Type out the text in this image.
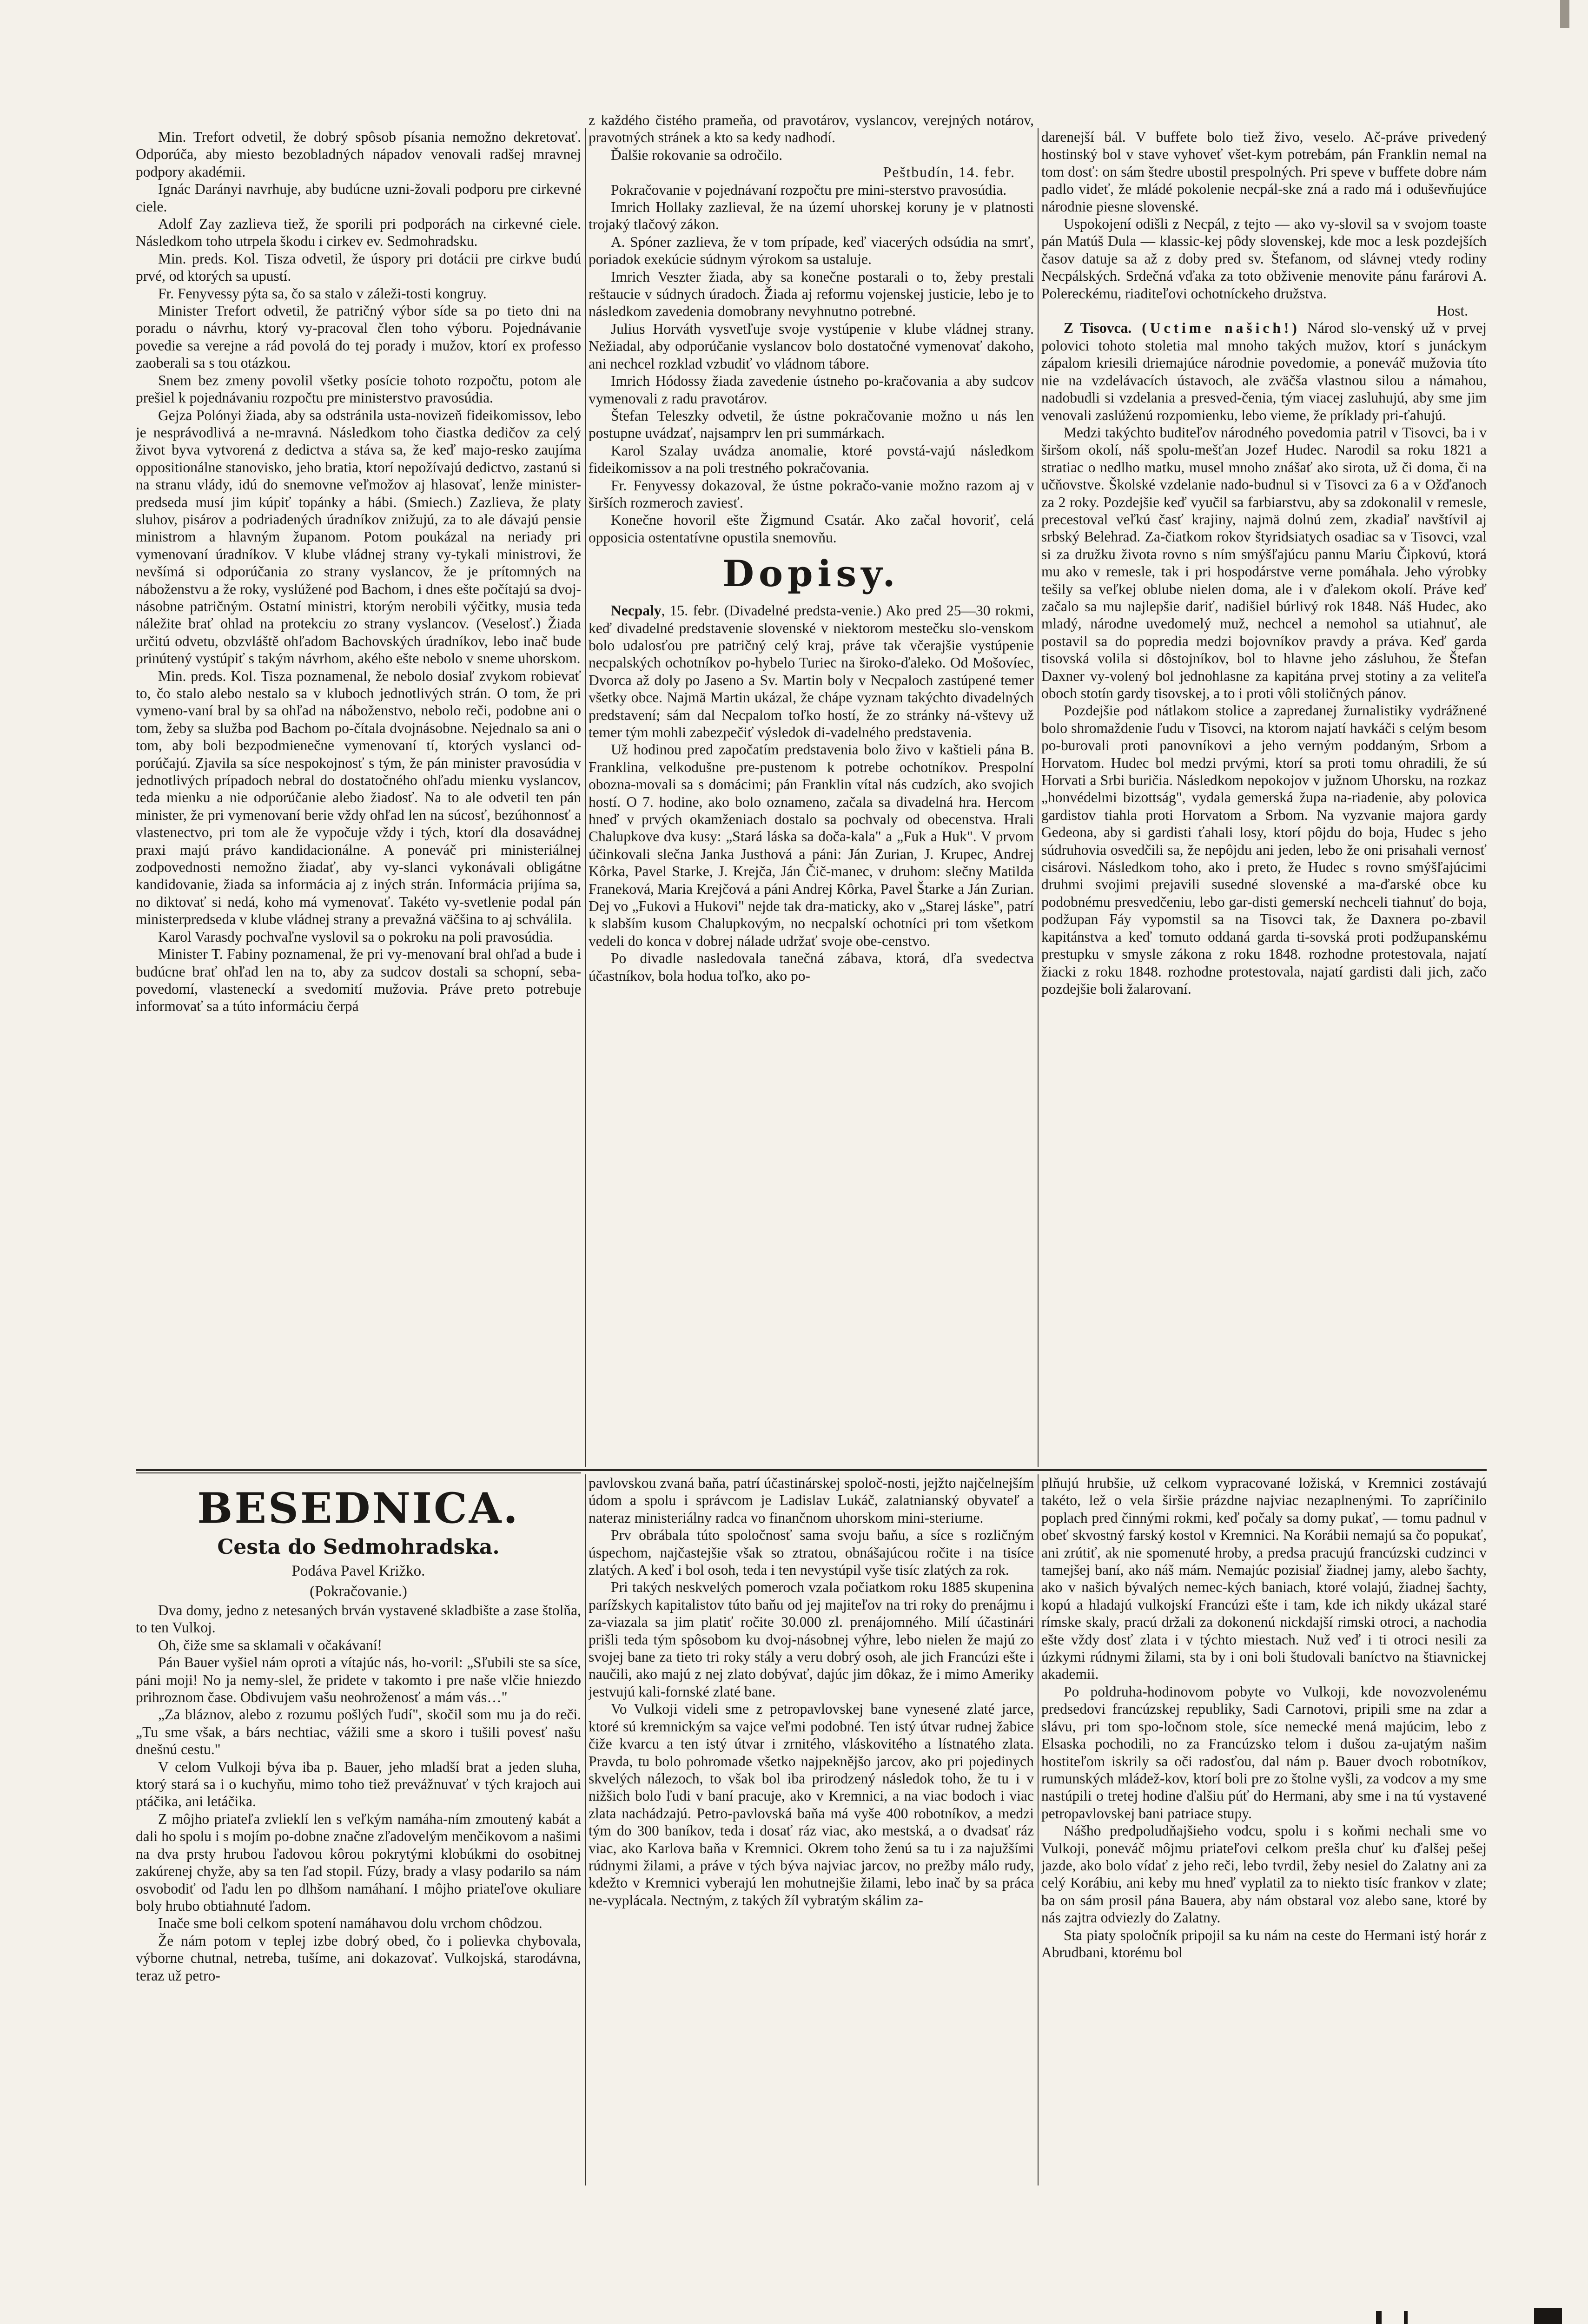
Min. Trefort odvetil, že dobrý spôsob písania nemožno dekretovať. Odporúča, aby miesto bezobladných nápadov venovali radšej mravnej podpory akadémii.

Ignác Darányi navrhuje, aby budúcne uzni-žovali podporu pre cirkevné ciele.

Adolf Zay zazlieva tiež, že sporili pri podporách na cirkevné ciele. Následkom toho utrpela škodu i cirkev ev. Sedmohradsku.

Min. preds. Kol. Tisza odvetil, že úspory pri dotácii pre cirkve budú prvé, od ktorých sa upustí.

Fr. Fenyvessy pýta sa, čo sa stalo v záleži-tosti kongruy.

Minister Trefort odvetil, že patričný výbor síde sa po tieto dni na poradu o návrhu, ktorý vy-pracoval člen toho výboru. Pojednávanie povedie sa verejne a rád povolá do tej porady i mužov, ktorí ex professo zaoberali sa s tou otázkou.

Snem bez zmeny povolil všetky posície tohoto rozpočtu, potom ale prešiel k pojednávaniu rozpočtu pre ministerstvo pravosúdia.

Gejza Polónyi žiada, aby sa odstránila usta-novizeň fideikomissov, lebo je nesprávodlivá a ne-mravná. Následkom toho čiastka dedičov za celý život byva vytvorená z dedictva a stáva sa, že keď majo-resko zaujíma oppositionálne stanovisko, jeho bratia, ktorí nepožívajú dedictvo, zastanú si na stranu vlády, idú do snemovne veľmožov aj hlasovať, lenže minister-predseda musí jim kúpiť topánky a hábi. (Smiech.) Zazlieva, že platy sluhov, pisárov a podriadených úradníkov znižujú, za to ale dávajú pensie ministrom a hlavným županom. Potom poukázal na neriady pri vymenovaní úradníkov. V klube vládnej strany vy-tykali ministrovi, že nevšímá si odporúčania zo strany vyslancov, že je prítomných na náboženstvu a že roky, vyslúžené pod Bachom, i dnes ešte počítajú sa dvoj-násobne patričným. Ostatní ministri, ktorým nerobili výčitky, musia teda náležite brať ohlad na protekciu zo strany vyslancov. (Veselosť.) Žiada určitú odvetu, obzvláště ohľadom Bachovských úradníkov, lebo inač bude prinútený vystúpiť s takým návrhom, akého ešte nebolo v sneme uhorskom.

Min. preds. Kol. Tisza poznamenal, že nebolo dosiaľ zvykom robievať to, čo stalo alebo nestalo sa v kluboch jednotlivých strán. O tom, že pri vymeno-vaní bral by sa ohľad na náboženstvo, nebolo reči, podobne ani o tom, žeby sa služba pod Bachom po-čítala dvojnásobne. Nejednalo sa ani o tom, aby boli bezpodmienečne vymenovaní tí, ktorých vyslanci od-porúčajú. Zjavila sa síce nespokojnosť s tým, že pán minister pravosúdia v jednotlivých prípadoch nebral do dostatočného ohľadu mienku vyslancov, teda mienku a nie odporúčanie alebo žiadosť. Na to ale odvetil ten pán minister, že pri vymenovaní berie vždy ohľad len na súcosť, bezúhonnosť a vlastenectvo, pri tom ale že vypočuje vždy i tých, ktorí dla dosavádnej praxi majú právo kandidacionálne. A poneváč pri ministeriálnej zodpovednosti nemožno žiadať, aby vy-slanci vykonávali obligátne kandidovanie, žiada sa informácia aj z iných strán. Informácia prijíma sa, no diktovať si nedá, koho má vymenovať. Takéto vy-svetlenie podal pán ministerpredseda v klube vládnej strany a prevažná väčšina to aj schválila.

Karol Varasdy pochvaľne vyslovil sa o pokroku na poli pravosúdia.

Minister T. Fabiny poznamenal, že pri vy-menovaní bral ohľad a bude i budúcne brať ohľad len na to, aby za sudcov dostali sa schopní, seba-povedomí, vlasteneckí a svedomití mužovia. Práve preto potrebuje informovať sa a túto informáciu čerpá

z každého čistého prameňa, od pravotárov, vyslancov, verejných notárov, pravotných stránek a kto sa kedy nadhodí.

Ďalšie rokovanie sa odročilo.

Peštbudín, 14. febr.

Pokračovanie v pojednávaní rozpočtu pre mini-sterstvo pravosúdia.

Imrich Hollaky zazlieval, že na území uhorskej koruny je v platnosti trojaký tlačový zákon.

A. Spóner zazlieva, že v tom prípade, keď viacerých odsúdia na smrť, poriadok exekúcie súdnym výrokom sa ustaluje.

Imrich Veszter žiada, aby sa konečne postarali o to, žeby prestali reštaucie v súdnych úradoch. Žiada aj reformu vojenskej justicie, lebo je to následkom zavedenia domobrany nevyhnutno potrebné.

Julius Horváth vysvetľuje svoje vystúpenie v klube vládnej strany. Nežiadal, aby odporúčanie vyslancov bolo dostatočné vymenovať dakoho, ani nechcel rozklad vzbudiť vo vládnom tábore.

Imrich Hódossy žiada zavedenie ústneho po-kračovania a aby sudcov vymenovali z radu pravotárov.

Štefan Teleszky odvetil, že ústne pokračovanie možno u nás len postupne uvádzať, najsamprv len pri summárkach.

Karol Szalay uvádza anomalie, ktoré povstá-vajú následkom fideikomissov a na poli trestného pokračovania.

Fr. Fenyvessy dokazoval, že ústne pokračo-vanie možno razom aj v širších rozmeroch zaviesť.

Konečne hovoril ešte Žigmund Csatár. Ako začal hovoriť, celá opposicia ostentatívne opustila snemovňu.

Dopisy.

Necpaly, 15. febr. (Divadelné predsta-venie.) Ako pred 25—30 rokmi, keď divadelné predstavenie slovenské v niektorom mestečku slo-venskom bolo udalosťou pre patričný celý kraj, práve tak včerajšie vystúpenie necpalských ochotníkov po-hybelo Turiec na široko-ďaleko. Od Mošovíec, Dvorca až doly po Jaseno a Sv. Martin boly v Necpaloch zastúpené temer všetky obce. Najmä Martin ukázal, že chápe vyznam takýchto divadelných predstavení; sám dal Necpalom toľko hostí, že zo stránky ná-vštevy už temer tým mohli zabezpečiť výsledok di-vadelného predstavenia.

Už hodinou pred započatím predstavenia bolo živo v kaštieli pána B. Franklina, velkodušne pre-pustenom k potrebe ochotníkov. Prespolní obozna-movali sa s domácimi; pán Franklin vítal nás cudzích, ako svojich hostí. O 7. hodine, ako bolo oznameno, začala sa divadelná hra. Hercom hneď v prvých okamženiach dostalo sa pochvaly od obecenstva. Hrali Chalupkove dva kusy: „Stará láska sa doča-kala" a „Fuk a Huk". V prvom účinkovali slečna Janka Justhová a páni: Ján Zurian, J. Krupec, Andrej Kôrka, Pavel Starke, J. Krejča, Ján Čič-manec, v druhom: slečny Matilda Franeková, Maria Krejčová a páni Andrej Kôrka, Pavel Štarke a Ján Zurian. Dej vo „Fukovi a Hukovi" nejde tak dra-maticky, ako v „Starej láske", patrí k slabším kusom Chalupkovým, no necpalskí ochotníci pri tom všetkom vedeli do konca v dobrej nálade udržať svoje obe-censtvo.

Po divadle nasledovala tanečná zábava, ktorá, dľa svedectva účastníkov, bola hodua toľko, ako po-

darenejší bál. V buffete bolo tiež živo, veselo. Ač-práve privedený hostinský bol v stave vyhoveť všet-kym potrebám, pán Franklin nemal na tom dosť: on sám štedre ubostil prespolných. Pri speve v buffete dobre nám padlo videť, že mládé pokolenie necpál-ske zná a rado má i oduševňujúce národnie piesne slovenské.

Uspokojení odišli z Necpál, z tejto — ako vy-slovil sa v svojom toaste pán Matúš Dula — klassic-kej pôdy slovenskej, kde moc a lesk pozdejších časov datuje sa až z doby pred sv. Štefanom, od slávnej vtedy rodiny Necpálských. Srdečná vďaka za toto obživenie menovite pánu farárovi A. Polereckému, riaditeľovi ochotníckeho družstva.

Host.

Z Tisovca. (Uctime našich!) Národ slo-venský už v prvej polovici tohoto stoletia mal mnoho takých mužov, ktorí s junáckym zápalom kriesili driemajúce národnie povedomie, a poneváč mužovia títo nie na vzdelávacích ústavoch, ale zväčša vlastnou silou a námahou, nadobudli si vzdelania a presved-čenia, tým viacej zasluhujú, aby sme jim venovali zaslúženú rozpomienku, lebo vieme, že príklady pri-ťahujú.

Medzi takýchto buditeľov národného povedomia patril v Tisovci, ba i v širšom okolí, náš spolu-mešťan Jozef Hudec. Narodil sa roku 1821 a stratiac o nedlho matku, musel mnoho znášať ako sirota, už či doma, či na učňovstve. Školské vzdelanie nado-budnul si v Tisovci za 6 a v Ožďanoch za 2 roky. Pozdejšie keď vyučil sa farbiarstvu, aby sa zdokonalil v remesle, precestoval veľkú časť krajiny, najmä dolnú zem, zkadiaľ navštívil aj srbský Belehrad. Za-čiatkom rokov štyridsiatych osadiac sa v Tisovci, vzal si za družku života rovno s ním smýšľajúcu pannu Mariu Čipkovú, ktorá mu ako v remesle, tak i pri hospodárstve verne pomáhala. Jeho výrobky tešily sa veľkej oblube nielen doma, ale i v ďalekom okolí. Práve keď začalo sa mu najlepšie dariť, nadišiel búrlivý rok 1848. Náš Hudec, ako mladý, národne uvedomelý muž, nechcel a nemohol sa utiahnuť, ale postavil sa do popredia medzi bojovníkov pravdy a práva. Keď garda tisovská volila si dôstojníkov, bol to hlavne jeho zásluhou, že Štefan Daxner vy-volený bol jednohlasne za kapitána prvej stotiny a za veliteľa oboch stotín gardy tisovskej, a to i proti vôli stoličných pánov.

Pozdejšie pod nátlakom stolice a zapredanej žurnalistiky vydrážnené bolo shromaždenie ľudu v Tisovci, na ktorom najatí havkáči s celým besom po-burovali proti panovníkovi a jeho verným poddaným, Srbom a Horvatom. Hudec bol medzi prvými, ktorí sa proti tomu ohradili, že sú Horvati a Srbi buričia. Následkom nepokojov v južnom Uhorsku, na rozkaz „honvédelmi bizottság", vydala gemerská župa na-riadenie, aby polovica gardistov tiahla proti Horvatom a Srbom. Na vyzvanie majora gardy Gedeona, aby si gardisti ťahali losy, ktorí pôjdu do boja, Hudec s jeho súdruhovia osvedčili sa, že nepôjdu ani jeden, lebo že oni prisahali vernosť cisárovi. Následkom toho, ako i preto, že Hudec s rovno smýšľajúcimi druhmi svojimi prejavili susedné slovenské a ma-ďarské obce ku podobnému presvedčeniu, lebo gar-disti gemerskí nechceli tiahnuť do boja, podžupan Fáy vypomstil sa na Tisovci tak, že Daxnera po-zbavil kapitánstva a keď tomuto oddaná garda ti-sovská proti podžupanskému prestupku v smysle zákona z roku 1848. rozhodne protestovala, najatí žiacki z roku 1848. rozhodne protestovala, najatí gardisti dali jich, začo pozdejšie boli žalarovaní.

BESEDNICA.
Cesta do Sedmohradska.
Podáva Pavel Križko.
(Pokračovanie.)

Dva domy, jedno z netesaných brván vystavené skladbište a zase štolňa, to ten Vulkoj.

Oh, čiže sme sa sklamali v očakávaní!

Pán Bauer vyšiel nám oproti a vítajúc nás, ho-voril: „Sľubili ste sa síce, páni moji! No ja nemy-slel, že pridete v takomto i pre naše vlčie hniezdo prihroznom čase. Obdivujem vašu neohroženosť a mám vás…"

„Za bláznov, alebo z rozumu pošlých ľudí", skočil som mu ja do reči. „Tu sme však, a bárs nechtiac, vážili sme a skoro i tušili povesť našu dnešnú cestu."

V celom Vulkoji býva iba p. Bauer, jeho mladší brat a jeden sluha, ktorý stará sa i o kuchyňu, mimo toho tiež prevážnuvať v tých krajoch aui ptáčika, ani letáčika.

Z môjho priateľa zvlieklí len s veľkým namáha-ním zmoutený kabát a dali ho spolu i s mojím po-dobne značne zľadovelým menčikovom a našimi na dva prsty hrubou ľadovou kôrou pokrytými klobúkmi do osobitnej zakúrenej chyže, aby sa ten ľad stopil. Fúzy, brady a vlasy podarilo sa nám osvobodiť od ľadu len po dlhšom namáhaní. I môjho priateľove okuliare boly hrubo obtiahnuté ľadom.

Inače sme boli celkom spotení namáhavou dolu vrchom chôdzou.

Že nám potom v teplej izbe dobrý obed, čo i polievka chybovala, výborne chutnal, netreba, tušíme, ani dokazovať. Vulkojská, starodávna, teraz už petro-

pavlovskou zvaná baňa, patrí účastinárskej spoloč-nosti, jejžto najčelnejším údom a spolu i správcom je Ladislav Lukáč, zalatnianský obyvateľ a nateraz ministeriálny radca vo finančnom uhorskom mini-steriume.

Prv obrábala túto spoločnosť sama svoju baňu, a síce s rozličným úspechom, najčastejšie však so ztratou, obnášajúcou ročite i na tisíce zlatých. A keď i bol osoh, teda i ten nevystúpil vyše tisíc zlatých za rok.

Pri takých neskvelých pomeroch vzala počiatkom roku 1885 skupenina parížskych kapitalistov túto baňu od jej majiteľov na tri roky do prenájmu i za-viazala sa jim platiť ročite 30.000 zl. prenájomného. Milí účastinári prišli teda tým spôsobom ku dvoj-násobnej výhre, lebo nielen že majú zo svojej bane za tieto tri roky stály a veru dobrý osoh, ale jich Francúzi ešte i naučili, ako majú z nej zlato dobývať, dajúc jim dôkaz, že i mimo Ameriky jestvujú kali-fornské zlaté bane.

Vo Vulkoji videli sme z petropavlovskej bane vynesené zlaté jarce, ktoré sú kremnickým sa vajce veľmi podobné. Ten istý útvar rudnej žabice čiže kvarcu a ten istý útvar i zrnitého, vláskovitého a lístnatého zlata. Pravda, tu bolo pohromade všetko najpeknějšo jarcov, ako pri pojedinych skvelých nálezoch, to však bol iba prirodzený následok toho, že tu i v nižšich bolo ľudi v baní pracuje, ako v Kremnici, a na viac bodoch i viac zlata nachádzajú. Petro-pavlovská baňa má vyše 400 robotníkov, a medzi tým do 300 baníkov, teda i dosať ráz viac, ako mestská, a o dvadsať ráz viac, ako Karlova baňa v Kremnici. Okrem toho ženú sa tu i za najužšími rúdnymi žilami, a práve v tých býva najviac jarcov, no prežby málo rudy, kdežto v Kremnici vyberajú len mohutnejšie žilami, lebo inač by sa práca ne-vyplácala. Nectným, z takých žíl vybratým skálim za-

plňujú hrubšie, už celkom vypracované ložiská, v Kremnici zostávajú takéto, lež o vela širšie prázdne najviac nezaplnenými. To zapríčinilo poplach pred činnými rokmi, keď počaly sa domy pukať, — tomu padnul v obeť skvostný farský kostol v Kremnici. Na Korábii nemajú sa čo popukať, ani zrútiť, ak nie spomenuté hroby, a predsa pracujú francúzski cudzinci v tamejšej baní, ako náš mám. Nemajúc pozisiaľ žiadnej jamy, alebo šachty, ako v našich bývalých nemec-kých baniach, ktoré volajú, žiadnej šachty, kopú a hladajú vulkojskí Francúzi ešte i tam, kde ich nikdy ukázal staré rímske skaly, pracú držali za dokonenú nickdajší rimski otroci, a nachodia ešte vždy dosť zlata i v týchto miestach. Nuž veď i ti otroci nesili za úzkymi rúdnymi žilami, sta by i oni boli študovali baníctvo na štiavnickej akademii.

Po poldruha-hodinovom pobyte vo Vulkoji, kde novozvolenému predsedovi francúzskej republiky, Sadi Carnotovi, pripili sme na zdar a slávu, pri tom spo-ločnom stole, síce nemecké mená majúcim, lebo z Elsaska pochodili, no za Francúzsko telom i dušou za-ujatým našim hostiteľom iskrily sa oči radosťou, dal nám p. Bauer dvoch robotníkov, rumunských mládež-kov, ktorí boli pre zo štolne vyšli, za vodcov a my sme nastúpili o tretej hodine ďalšiu púť do Hermani, aby sme i na tú vystavené petropavlovskej bani patriace stupy.

Nášho predpoludňajšieho vodcu, spolu i s koňmi nechali sme vo Vulkoji, poneváč môjmu priateľovi celkom prešla chuť ku ďalšej pešej jazde, ako bolo vídať z jeho reči, lebo tvrdil, žeby nesiel do Zalatny ani za celý Korábiu, ani keby mu hneď vyplatil za to niekto tisíc frankov v zlate; ba on sám prosil pána Bauera, aby nám obstaral voz alebo sane, ktoré by nás zajtra odviezly do Zalatny.

Sta piaty spoločník pripojil sa ku nám na ceste do Hermani istý horár z Abrudbani, ktorému bol
